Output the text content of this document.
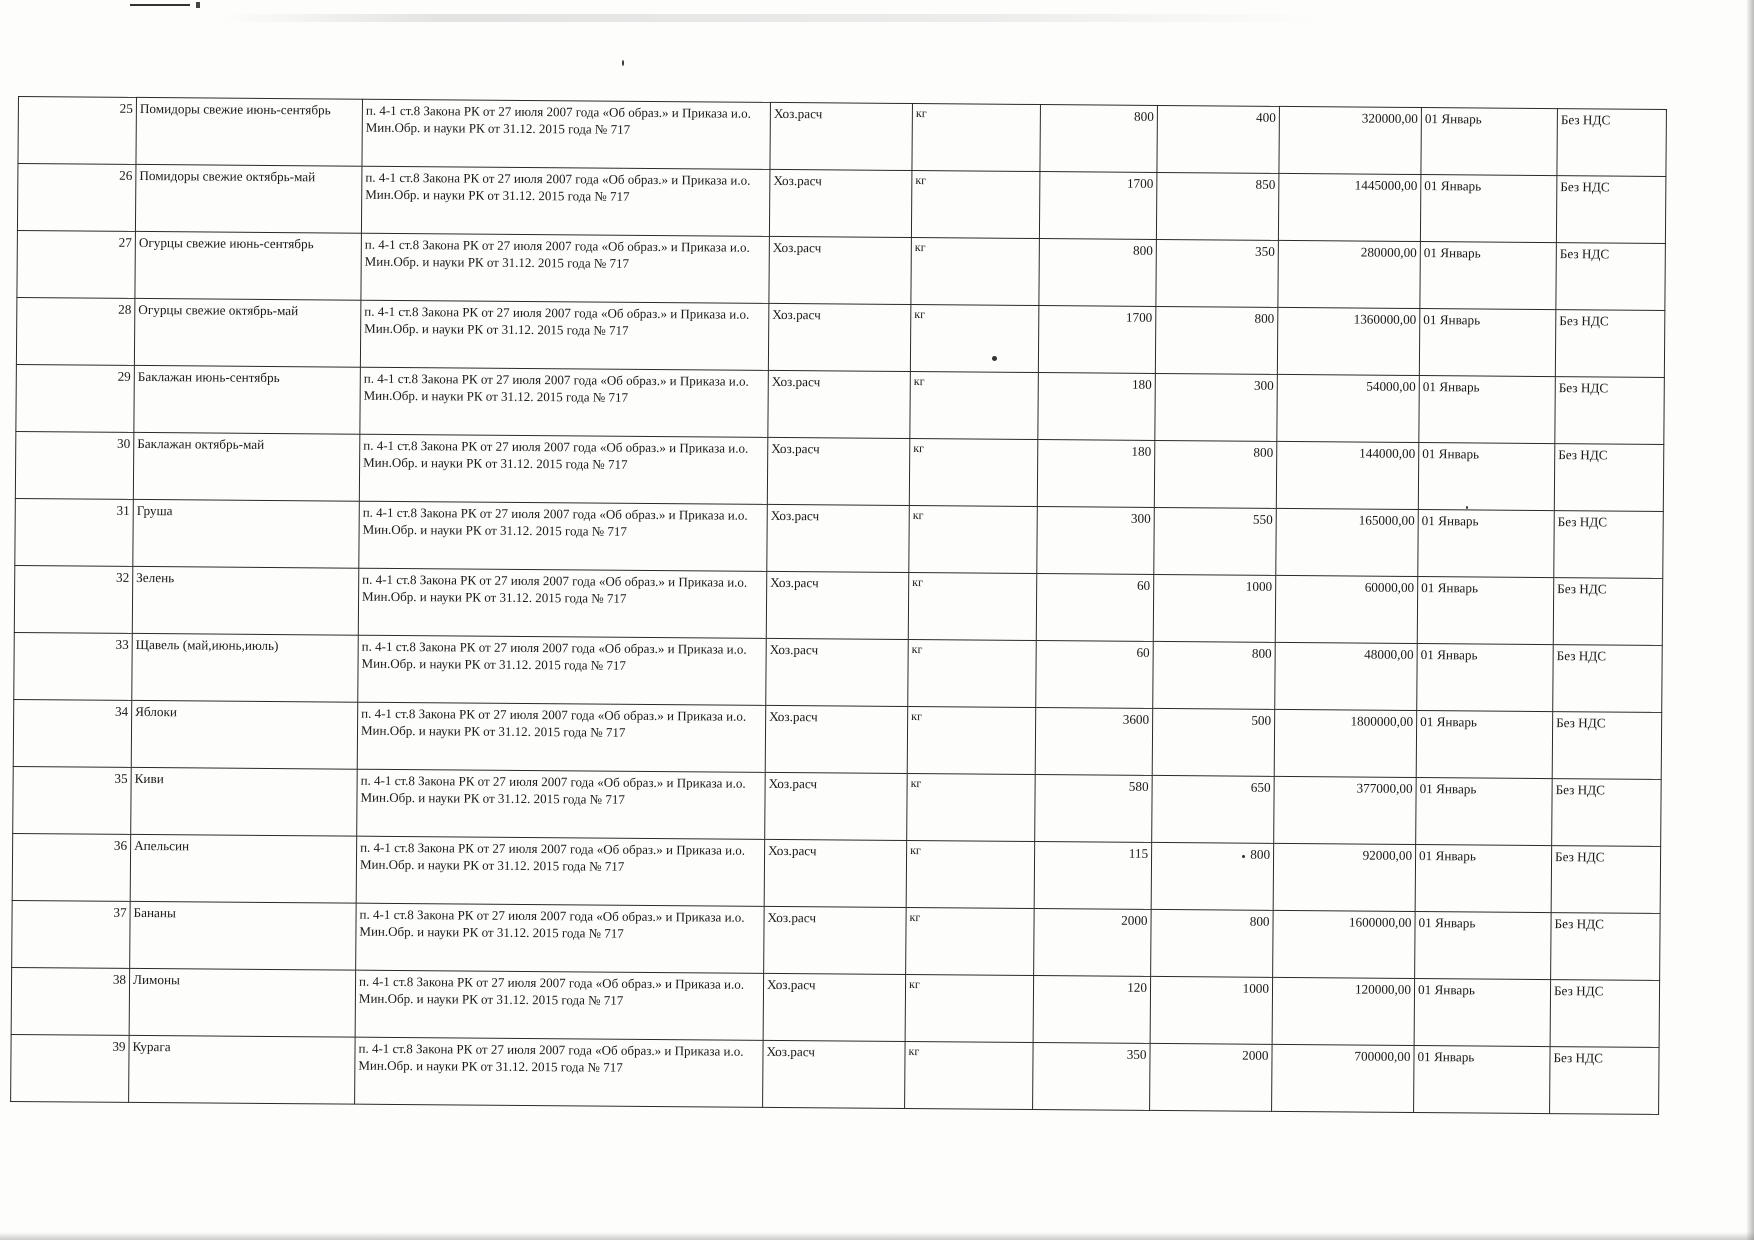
25	Помидоры свежие июнь-сентябрь	п. 4-1 ст.8 Закона РК от 27 июля 2007 года «Об образ.» и Приказа и.о. Мин.Обр. и науки РК от 31.12. 2015 года № 717	Хоз.расч	кг	800	400	320000,00	01 Январь	Без НДС
26	Помидоры свежие октябрь-май	п. 4-1 ст.8 Закона РК от 27 июля 2007 года «Об образ.» и Приказа и.о. Мин.Обр. и науки РК от 31.12. 2015 года № 717	Хоз.расч	кг	1700	850	1445000,00	01 Январь	Без НДС
27	Огурцы свежие июнь-сентябрь	п. 4-1 ст.8 Закона РК от 27 июля 2007 года «Об образ.» и Приказа и.о. Мин.Обр. и науки РК от 31.12. 2015 года № 717	Хоз.расч	кг	800	350	280000,00	01 Январь	Без НДС
28	Огурцы свежие октябрь-май	п. 4-1 ст.8 Закона РК от 27 июля 2007 года «Об образ.» и Приказа и.о. Мин.Обр. и науки РК от 31.12. 2015 года № 717	Хоз.расч	кг	1700	800	1360000,00	01 Январь	Без НДС
29	Баклажан июнь-сентябрь	п. 4-1 ст.8 Закона РК от 27 июля 2007 года «Об образ.» и Приказа и.о. Мин.Обр. и науки РК от 31.12. 2015 года № 717	Хоз.расч	кг	180	300	54000,00	01 Январь	Без НДС
30	Баклажан октябрь-май	п. 4-1 ст.8 Закона РК от 27 июля 2007 года «Об образ.» и Приказа и.о. Мин.Обр. и науки РК от 31.12. 2015 года № 717	Хоз.расч	кг	180	800	144000,00	01 Январь	Без НДС
31	Груша	п. 4-1 ст.8 Закона РК от 27 июля 2007 года «Об образ.» и Приказа и.о. Мин.Обр. и науки РК от 31.12. 2015 года № 717	Хоз.расч	кг	300	550	165000,00	01 Январь	Без НДС
32	Зелень	п. 4-1 ст.8 Закона РК от 27 июля 2007 года «Об образ.» и Приказа и.о. Мин.Обр. и науки РК от 31.12. 2015 года № 717	Хоз.расч	кг	60	1000	60000,00	01 Январь	Без НДС
33	Щавель (май,июнь,июль)	п. 4-1 ст.8 Закона РК от 27 июля 2007 года «Об образ.» и Приказа и.о. Мин.Обр. и науки РК от 31.12. 2015 года № 717	Хоз.расч	кг	60	800	48000,00	01 Январь	Без НДС
34	Яблоки	п. 4-1 ст.8 Закона РК от 27 июля 2007 года «Об образ.» и Приказа и.о. Мин.Обр. и науки РК от 31.12. 2015 года № 717	Хоз.расч	кг	3600	500	1800000,00	01 Январь	Без НДС
35	Киви	п. 4-1 ст.8 Закона РК от 27 июля 2007 года «Об образ.» и Приказа и.о. Мин.Обр. и науки РК от 31.12. 2015 года № 717	Хоз.расч	кг	580	650	377000,00	01 Январь	Без НДС
36	Апельсин	п. 4-1 ст.8 Закона РК от 27 июля 2007 года «Об образ.» и Приказа и.о. Мин.Обр. и науки РК от 31.12. 2015 года № 717	Хоз.расч	кг	115	800	92000,00	01 Январь	Без НДС
37	Бананы	п. 4-1 ст.8 Закона РК от 27 июля 2007 года «Об образ.» и Приказа и.о. Мин.Обр. и науки РК от 31.12. 2015 года № 717	Хоз.расч	кг	2000	800	1600000,00	01 Январь	Без НДС
38	Лимоны	п. 4-1 ст.8 Закона РК от 27 июля 2007 года «Об образ.» и Приказа и.о. Мин.Обр. и науки РК от 31.12. 2015 года № 717	Хоз.расч	кг	120	1000	120000,00	01 Январь	Без НДС
39	Курага	п. 4-1 ст.8 Закона РК от 27 июля 2007 года «Об образ.» и Приказа и.о. Мин.Обр. и науки РК от 31.12. 2015 года № 717	Хоз.расч	кг	350	2000	700000,00	01 Январь	Без НДС
